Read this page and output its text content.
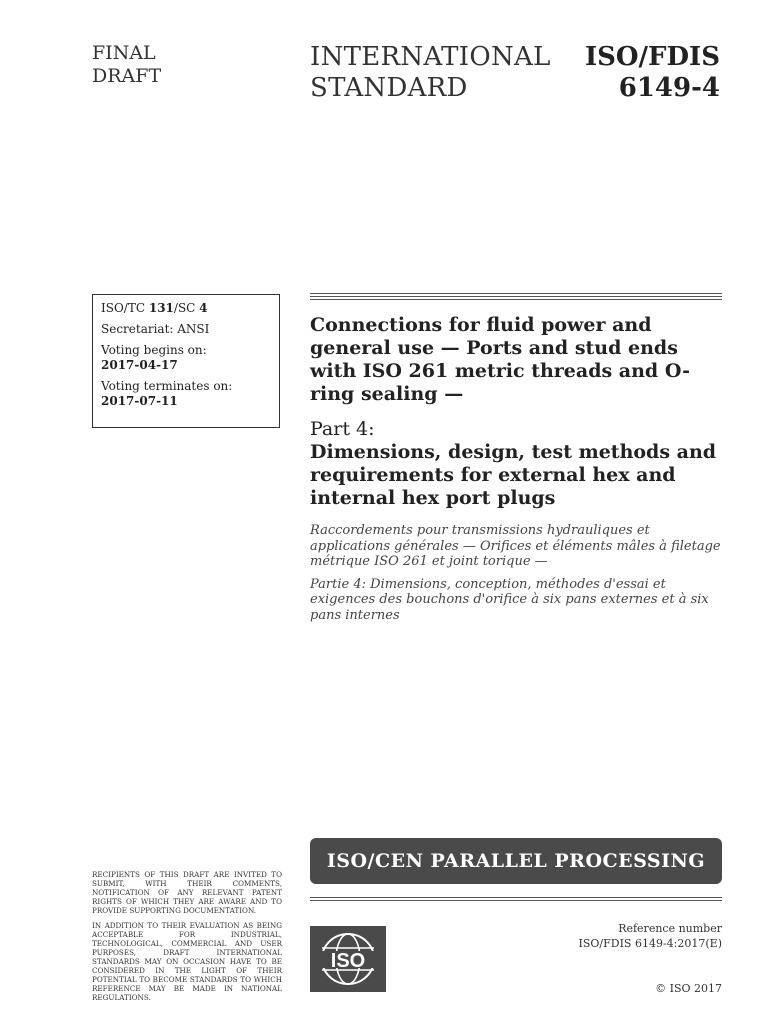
FINAL
DRAFT
INTERNATIONAL
STANDARD
ISO/FDIS
6149-4

ISO/TC 131/SC 4

Secretariat: ANSI

Voting begins on:
2017-04-17

Voting terminates on:
2017-07-11

Connections for fluid power and general use — Ports and stud ends with ISO 261 metric threads and O-ring sealing —
Part 4:
Dimensions, design, test methods and requirements for external hex and internal hex port plugs

Raccordements pour transmissions hydrauliques et applications générales — Orifices et éléments mâles à filetage métrique ISO 261 et joint torique —

Partie 4: Dimensions, conception, méthodes d'essai et exigences des bouchons d'orifice à six pans externes et à six pans internes

ISO/CEN PARALLEL PROCESSING

RECIPIENTS OF THIS DRAFT ARE INVITED TO SUBMIT, WITH THEIR COMMENTS, NOTIFICATION OF ANY RELEVANT PATENT RIGHTS OF WHICH THEY ARE AWARE AND TO PROVIDE SUPPORTING DOCUMENTATION.

IN ADDITION TO THEIR EVALUATION AS BEING ACCEPTABLE FOR INDUSTRIAL, TECHNOLOGICAL, COMMERCIAL AND USER PURPOSES, DRAFT INTERNATIONAL STANDARDS MAY ON OCCASION HAVE TO BE CONSIDERED IN THE LIGHT OF THEIR POTENTIAL TO BECOME STANDARDS TO WHICH REFERENCE MAY BE MADE IN NATIONAL REGULATIONS.

Reference number
ISO/FDIS 6149-4:2017(E)
ISO
© ISO 2017
